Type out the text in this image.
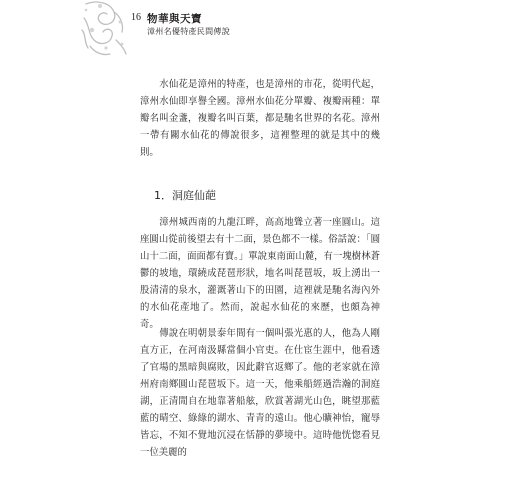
16 物華與天寶
漳州名優特產民間傳說

水仙花是漳州的特產，也是漳州的市花，從明代起，漳州水仙即享譽全國。漳州水仙花分單瓣、複瓣兩種：單瓣名叫金盞，複瓣名叫百葉，都是馳名世界的名花。漳州一帶有關水仙花的傳說很多，這裡整理的就是其中的幾則。

1．洞庭仙葩

漳州城西南的九龍江畔，高高地聳立著一座圓山。這座圓山從前後望去有十二面，景色都不一樣。俗話說：「圓山十二面，面面都有寶。」單說東南面山麓，有一塊樹林蒼鬱的坡地，環繞成琵琶形狀，地名叫琵琶坂，坂上湧出一股清清的泉水，灌溉著山下的田園，這裡就是馳名海內外的水仙花產地了。然而，說起水仙花的來歷，也頗為神奇。

傳說在明朝景泰年間有一個叫張光惠的人，他為人剛直方正，在河南汲縣當個小官吏。在仕宦生涯中，他看透了官場的黑暗與腐敗，因此辭官返鄉了。他的老家就在漳州府南鄉圓山琵琶坂下。這一天，他乘船經過浩瀚的洞庭湖，正清閒自在地靠著船舷，欣賞著湖光山色，眺望那藍藍的晴空、綠綠的湖水、青青的遠山。他心曠神怡，寵辱皆忘，不知不覺地沉浸在恬靜的夢境中。這時他恍惚看見一位美麗的
